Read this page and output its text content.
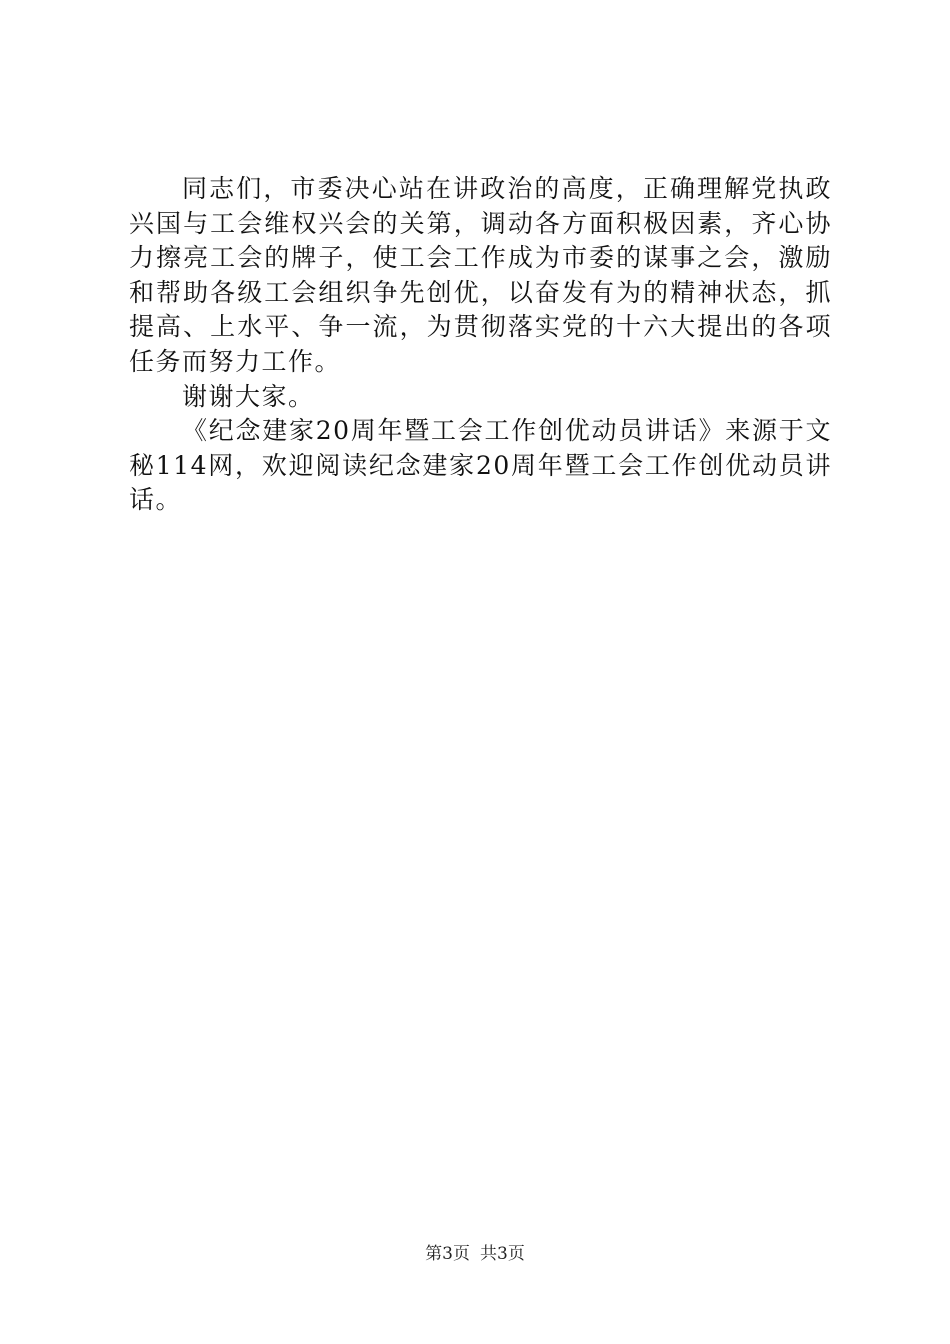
同志们，市委决心站在讲政治的高度，正确理解党执政兴国与工会维权兴会的关第，调动各方面积极因素，齐心协力擦亮工会的牌子，使工会工作成为市委的谋事之会，激励和帮助各级工会组织争先创优，以奋发有为的精神状态，抓提高、上水平、争一流，为贯彻落实党的十六大提出的各项任务而努力工作。

谢谢大家。

《纪念建家20周年暨工会工作创优动员讲话》来源于文秘114网，欢迎阅读纪念建家20周年暨工会工作创优动员讲话。

第3页 共3页
